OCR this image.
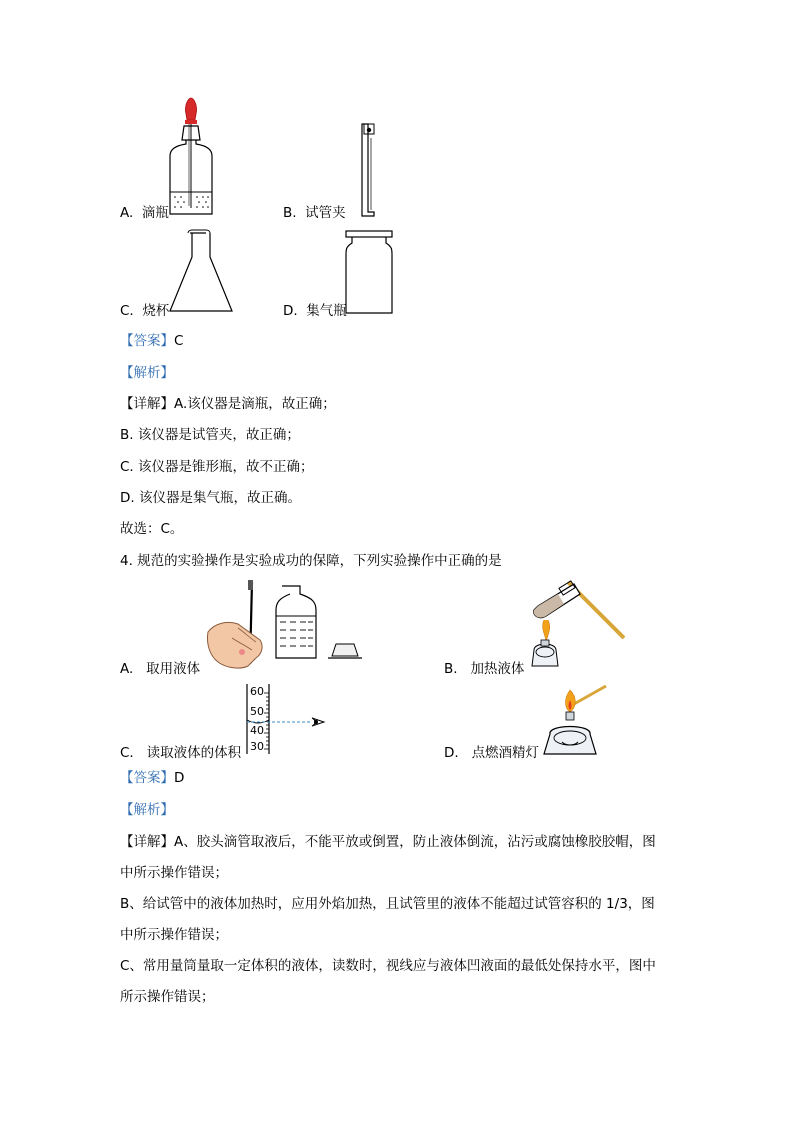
A. 滴瓶	B. 试管夹
C. 烧杯	D. 集气瓶
【答案】C
【解析】
【详解】A.该仪器是滴瓶，故正确；
B. 该仪器是试管夹，故正确；
C. 该仪器是锥形瓶，故不正确；
D. 该仪器是集气瓶，故正确。
故选：C。
4. 规范的实验操作是实验成功的保障，下列实验操作中正确的是
A. 取用液体	B. 加热液体
60
50
40
30
C. 读取液体的体积	D. 点燃酒精灯
【答案】D
【解析】
【详解】A、胶头滴管取液后，不能平放或倒置，防止液体倒流，沾污或腐蚀橡胶胶帽，图
中所示操作错误；
B、给试管中的液体加热时，应用外焰加热，且试管里的液体不能超过试管容积的 1/3，图
中所示操作错误；
C、常用量筒量取一定体积的液体，读数时，视线应与液体凹液面的最低处保持水平，图中
所示操作错误；
